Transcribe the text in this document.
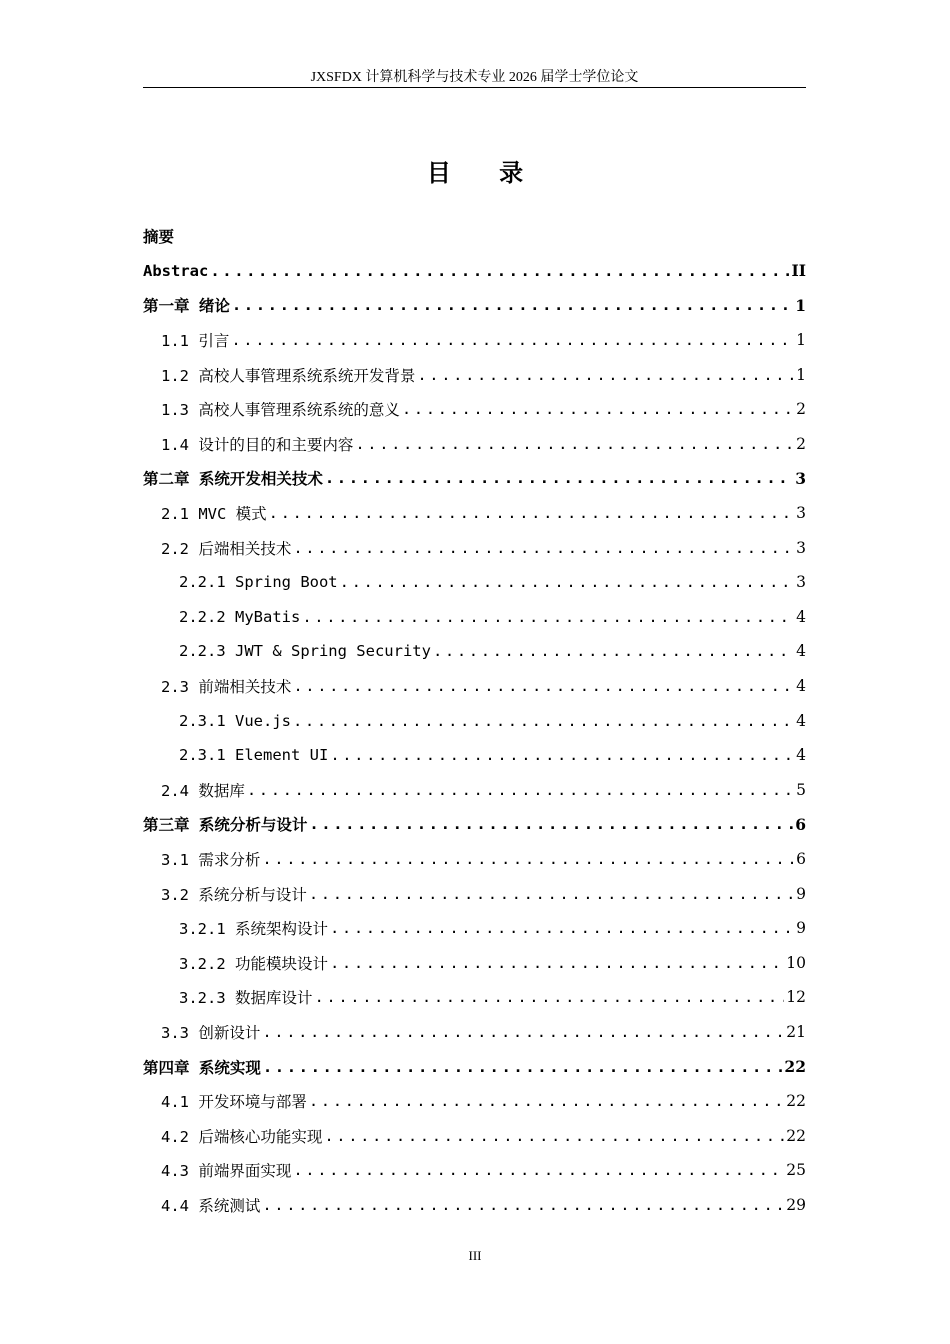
JXSFDX 计算机科学与技术专业 2026 届学士学位论文
目 录
摘要
Abstrac .....	II
第一章 绪论 .....	1
1.1 引言 .....	1
1.2 高校人事管理系统系统开发背景 .....	1
1.3 高校人事管理系统系统的意义 .....	2
1.4 设计的目的和主要内容 .....	2
第二章 系统开发相关技术 .....	3
2.1 MVC 模式 .....	3
2.2 后端相关技术 .....	3
2.2.1 Spring Boot .....	3
2.2.2 MyBatis .....	4
2.2.3 JWT & Spring Security .....	4
2.3 前端相关技术 .....	4
2.3.1 Vue.js .....	4
2.3.1 Element UI .....	4
2.4 数据库 .....	5
第三章 系统分析与设计 .....	6
3.1 需求分析 .....	6
3.2 系统分析与设计 .....	9
3.2.1 系统架构设计 .....	9
3.2.2 功能模块设计 .....	10
3.2.3 数据库设计 .....	12
3.3 创新设计 .....	21
第四章 系统实现 .....	22
4.1 开发环境与部署 .....	22
4.2 后端核心功能实现 .....	22
4.3 前端界面实现 .....	25
4.4 系统测试 .....	29
III
